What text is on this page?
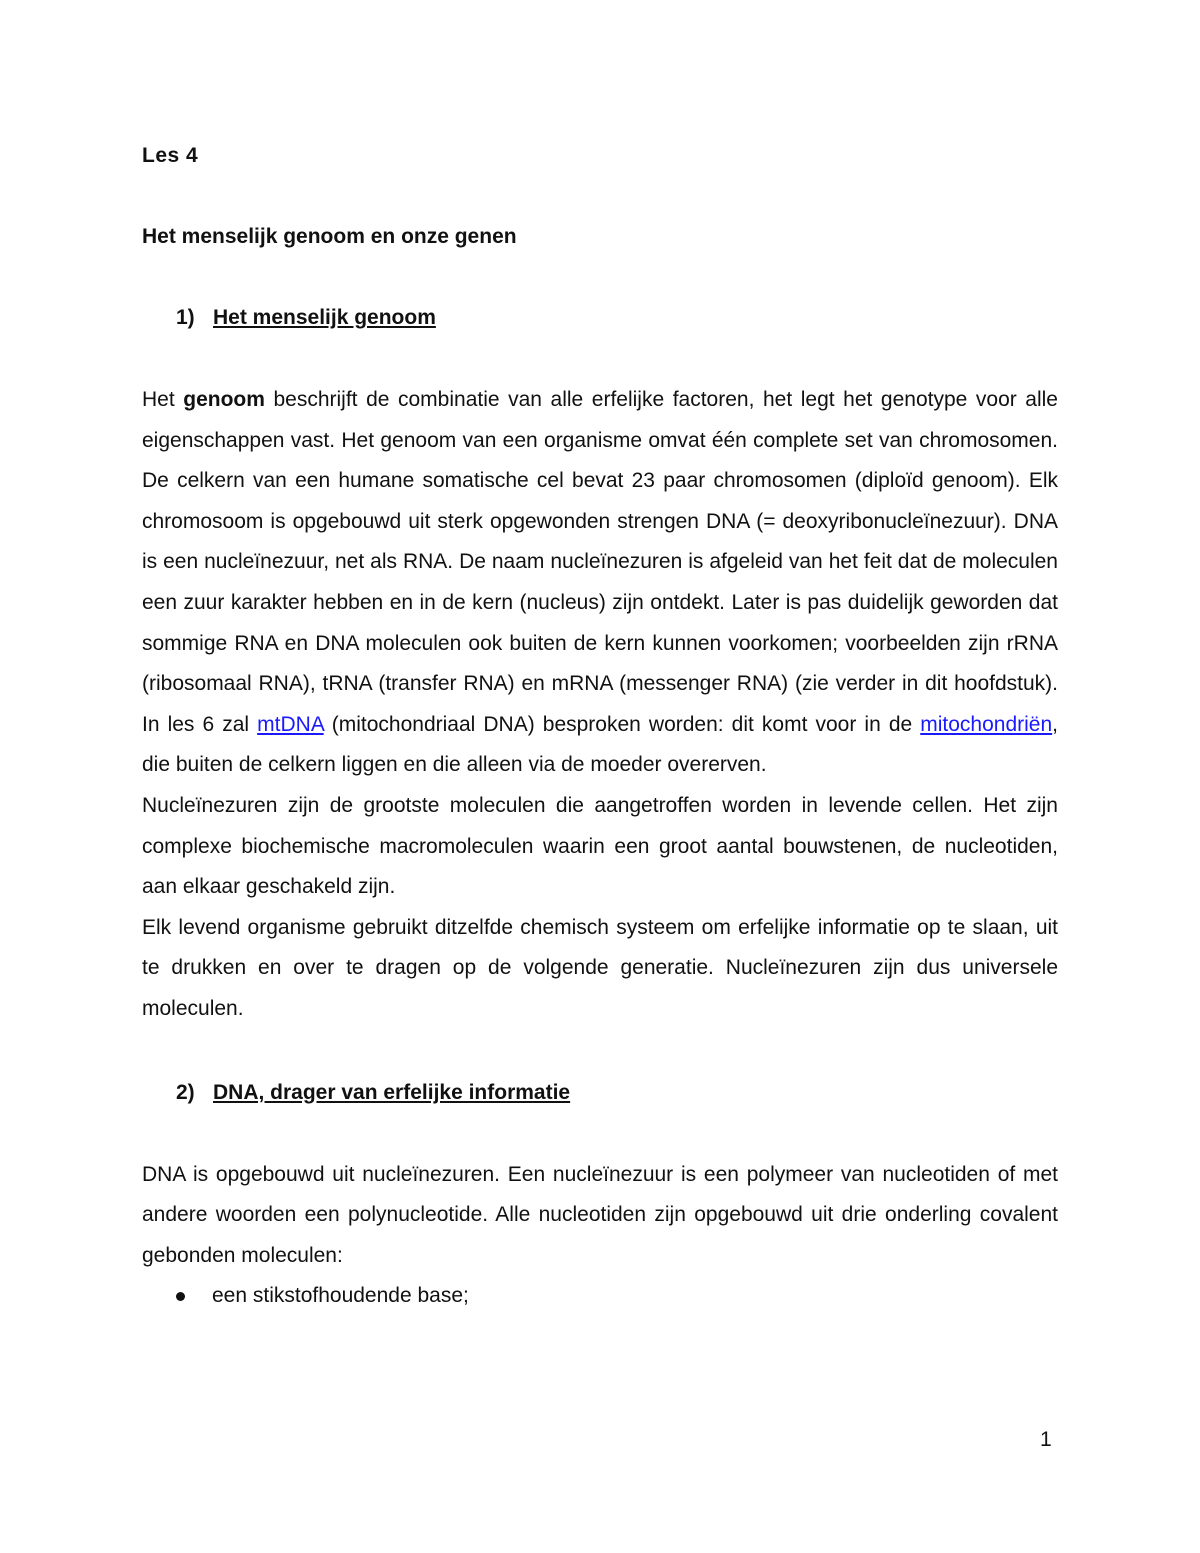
Les 4
Het menselijk genoom en onze genen
1) Het menselijk genoom

Het genoom beschrijft de combinatie van alle erfelijke factoren, het legt het genotype voor alle eigenschappen vast. Het genoom van een organisme omvat één complete set van chromosomen. De celkern van een humane somatische cel bevat 23 paar chromosomen (diploïd genoom). Elk chromosoom is opgebouwd uit sterk opgewonden strengen DNA (= deoxyribonucleïnezuur). DNA is een nucleïnezuur, net als RNA. De naam nucleïnezuren is afgeleid van het feit dat de moleculen een zuur karakter hebben en in de kern (nucleus) zijn ontdekt. Later is pas duidelijk geworden dat sommige RNA en DNA moleculen ook buiten de kern kunnen voorkomen; voorbeelden zijn rRNA (ribosomaal RNA), tRNA (transfer RNA) en mRNA (messenger RNA) (zie verder in dit hoofdstuk). In les 6 zal mtDNA (mitochondriaal DNA) besproken worden: dit komt voor in de mitochondriën, die buiten de celkern liggen en die alleen via de moeder overerven.

Nucleïnezuren zijn de grootste moleculen die aangetroffen worden in levende cellen. Het zijn complexe biochemische macromoleculen waarin een groot aantal bouwstenen, de nucleotiden, aan elkaar geschakeld zijn.

Elk levend organisme gebruikt ditzelfde chemisch systeem om erfelijke informatie op te slaan, uit te drukken en over te dragen op de volgende generatie. Nucleïnezuren zijn dus universele moleculen.

2) DNA, drager van erfelijke informatie

DNA is opgebouwd uit nucleïnezuren. Een nucleïnezuur is een polymeer van nucleotiden of met andere woorden een polynucleotide. Alle nucleotiden zijn opgebouwd uit drie onderling covalent gebonden moleculen:

een stikstofhoudende base;
1
